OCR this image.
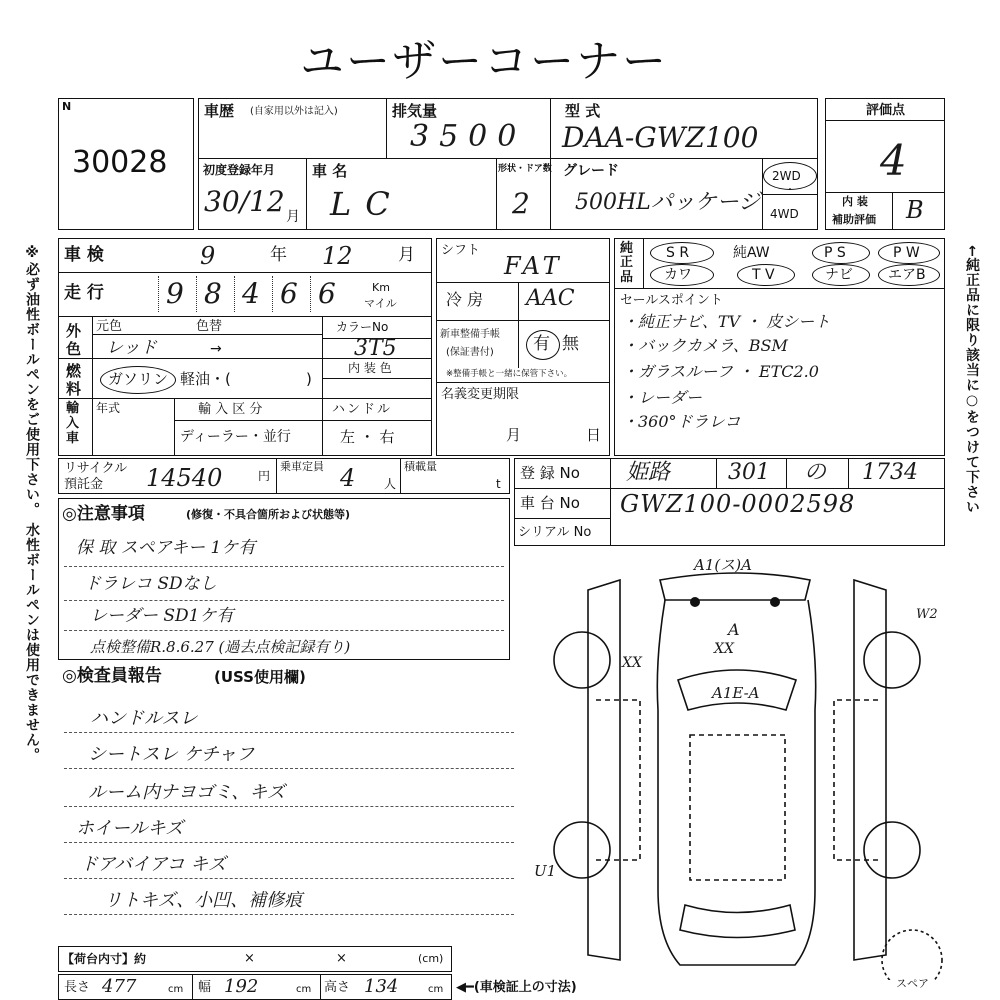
ユーザーコーナー
※必ず油性ボールペンをご使用下さい。 水性ボールペンは使用できません。	←純正品に限り該当に○をつけて下さい
N
30028
車歴 (自家用以外は記入)	排気量
3500
型 式
DAA-GWZ100
初度登録年月
30/12 月
車 名
LC
形状・ドア数
2
グレード
500HLパッケージ
2WD
・
4WD
評価点
4
内 装
補助評価 B
車 検	9	年 12	月
走 行 9 8 4 6 6	Km
マイル
外色
元色	色替
レッド	→
カラーNo
3T5
燃料
ガソリン 軽油・(	)
内 装 色
輸入車
年式	輸 入 区 分
ディーラー・並行
ハンドル
左 ・ 右
シフト
FAT
冷 房 AAC
新車整備手帳
(保証書付) 有 無
※整備手帳と一緒に保管下さい。
名義変更期限
月	日
純正品
S R	純AW	P S	P W
カワ	T V	ナビ	エアB
セールスポイント
・純正ナビ、TV ・ 皮シート
・バックカメラ、BSM
・ガラスルーフ ・ ETC2.0
・レーダー
・360°ドラレコ
リサイクル
預託金 14540	円
乗車定員 4 人
積載量
t
登 録 No 姫路	301 の 1734
車 台 No GWZ100-0002598
シリアル No
◎注意事項	(修復・不具合箇所および状態等)
保 取 スペアキー 1ケ有
ドラレコ SDなし
レーダー SD1ケ有
点検整備R.8.6.27 (過去点検記録有り)
◎検査員報告	(USS使用欄)
ハンドルスレ
シートスレ ケチャフ
ルーム内ナヨゴミ、キズ
ホイールキズ
ドアバイアコ キズ
リトキズ、小凹、補修痕
A1(ス)A
A
XX
XX
A1E-A
W2
U1
スペア
【荷台内寸】約	×	×	(cm)
長さ 477	cm 幅 192	cm 高さ 134	cm ◀━(車検証上の寸法)
